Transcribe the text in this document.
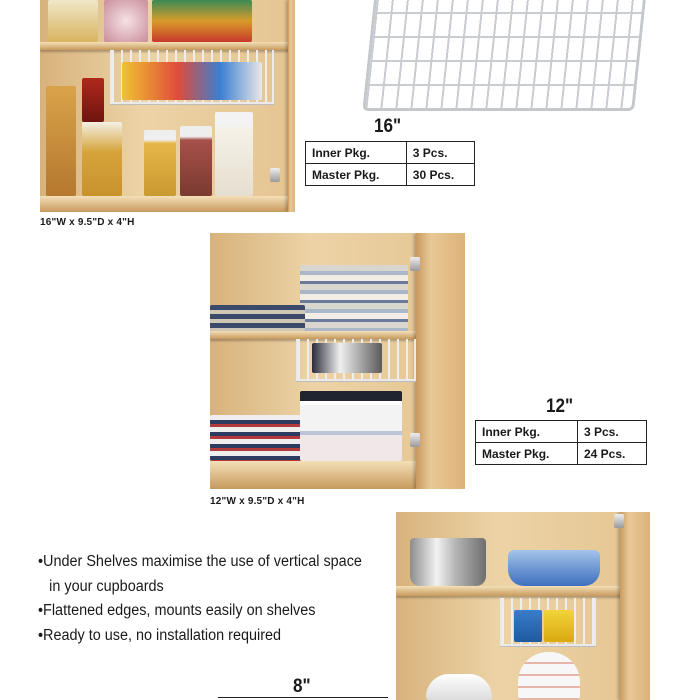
16"W x 9.5"D x 4"H
16"
Inner Pkg.	3 Pcs.
Master Pkg.	30 Pcs.
12"W x 9.5"D x 4"H
12"
Inner Pkg.	3 Pcs.
Master Pkg.	24 Pcs.
•Under Shelves maximise the use of vertical space
in your cupboards
•Flattened edges, mounts easily on shelves
•Ready to use, no installation required
8"
